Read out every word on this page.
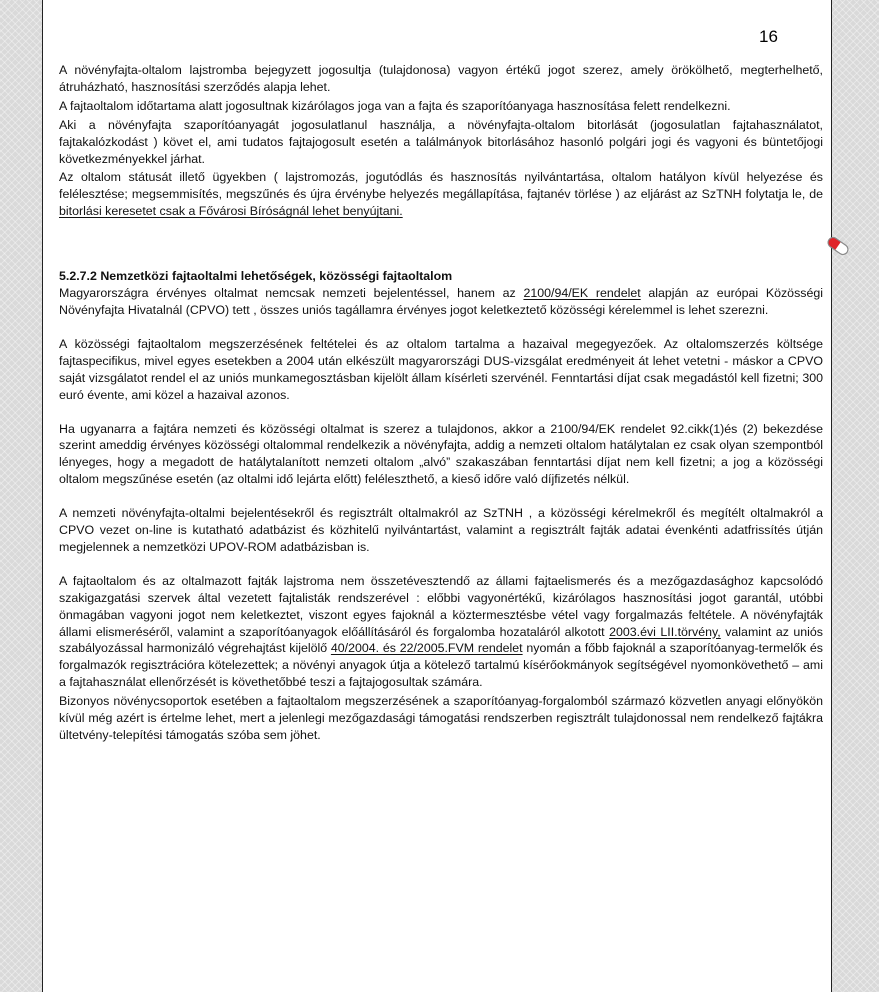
16

A növényfajta-oltalom lajstromba bejegyzett jogosultja (tulajdonosa) vagyon értékű jogot szerez, amely örökölhető, megterhelhető, átruházható, hasznosítási szerződés alapja lehet.

A fajtaoltalom időtartama alatt jogosultnak kizárólagos joga van a fajta és szaporítóanyaga hasznosítása felett rendelkezni.

Aki a növényfajta szaporítóanyagát jogosulatlanul használja, a növényfajta-oltalom bitorlását (jogosulatlan fajtahasználatot, fajtakalózkodást ) követ el, ami tudatos fajtajogosult esetén a találmányok bitorlásához hasonló polgári jogi és vagyoni és büntetőjogi következményekkel járhat.

Az oltalom státusát illető ügyekben ( lajstromozás, jogutódlás és hasznosítás nyilvántartása, oltalom hatályon kívül helyezése és felélesztése; megsemmisítés, megszűnés és újra érvénybe helyezés megállapítása, fajtanév törlése ) az eljárást az SzTNH folytatja le, de bitorlási keresetet csak a Fővárosi Bíróságnál lehet benyújtani.

5.2.7.2 Nemzetközi fajtaoltalmi lehetőségek, közösségi fajtaoltalom

Magyarországra érvényes oltalmat nemcsak nemzeti bejelentéssel, hanem az 2100/94/EK rendelet alapján az európai Közösségi Növényfajta Hivatalnál (CPVO) tett , összes uniós tagállamra érvényes jogot keletkeztető közösségi kérelemmel is lehet szerezni.

A közösségi fajtaoltalom megszerzésének feltételei és az oltalom tartalma a hazaival megegyezőek. Az oltalomszerzés költsége fajtaspecifikus, mivel egyes esetekben a 2004 után elkészült magyarországi DUS-vizsgálat eredményeit át lehet vetetni - máskor a CPVO saját vizsgálatot rendel el az uniós munkamegosztásban kijelölt állam kísérleti szervénél. Fenntartási díjat csak megadástól kell fizetni; 300 euró évente, ami közel a hazaival azonos.

Ha ugyanarra a fajtára nemzeti és közösségi oltalmat is szerez a tulajdonos, akkor a 2100/94/EK rendelet 92.cikk(1)és (2) bekezdése szerint ameddig érvényes közösségi oltalommal rendelkezik a növényfajta, addig a nemzeti oltalom hatálytalan ez csak olyan szempontból lényeges, hogy a megadott de hatálytalanított nemzeti oltalom „alvó” szakaszában fenntartási díjat nem kell fizetni; a jog a közösségi oltalom megszűnése esetén (az oltalmi idő lejárta előtt) feléleszthető, a kieső időre való díjfizetés nélkül.

A nemzeti növényfajta-oltalmi bejelentésekről és regisztrált oltalmakról az SzTNH , a közösségi kérelmekről és megítélt oltalmakról a CPVO vezet on-line is kutatható adatbázist és közhitelű nyilvántartást, valamint a regisztrált fajták adatai évenkénti adatfrissítés útján megjelennek a nemzetközi UPOV-ROM adatbázisban is.

A fajtaoltalom és az oltalmazott fajták lajstroma nem összetévesztendő az állami fajtaelismerés és a mezőgazdasághoz kapcsolódó szakigazgatási szervek által vezetett fajtalisták rendszerével : előbbi vagyonértékű, kizárólagos hasznosítási jogot garantál, utóbbi önmagában vagyoni jogot nem keletkeztet, viszont egyes fajoknál a köztermesztésbe vétel vagy forgalmazás feltétele. A növényfajták állami elismeréséről, valamint a szaporítóanyagok előállításáról és forgalomba hozataláról alkotott 2003.évi LII.törvény, valamint az uniós szabályozással harmonizáló végrehajtást kijelölő 40/2004. és 22/2005.FVM rendelet nyomán a főbb fajoknál a szaporítóanyag-termelők és forgalmazók regisztrációra kötelezettek; a növényi anyagok útja a kötelező tartalmú kísérőokmányok segítségével nyomonkövethető – ami a fajtahasználat ellenőrzését is követhetőbbé teszi a fajtajogosultak számára.

Bizonyos növénycsoportok esetében a fajtaoltalom megszerzésének a szaporítóanyag-forgalomból származó közvetlen anyagi előnyökön kívül még azért is értelme lehet, mert a jelenlegi mezőgazdasági támogatási rendszerben regisztrált tulajdonossal nem rendelkező fajtákra ültetvény-telepítési támogatás szóba sem jöhet.
